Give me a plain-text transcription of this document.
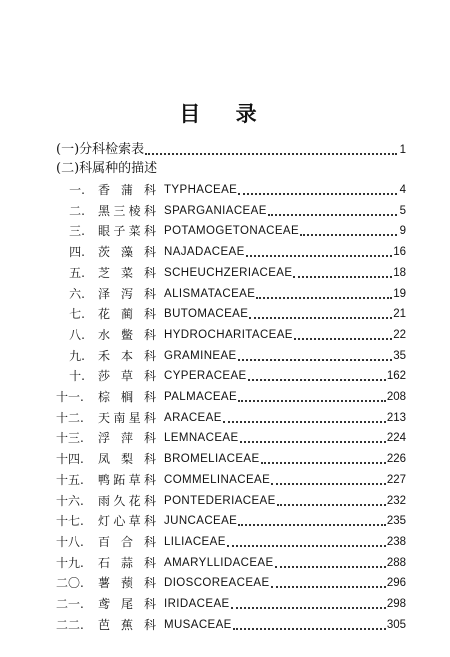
目 录
(一)分科检索表	1
(二)科属种的描述
一.	香蒲科 TYPHACEAE	4
二.	黑三棱科 SPARGANIACEAE	5
三.	眼子菜科 POTAMOGETONACEAE	9
四.	茨藻科 NAJADACEAE	16
五.	芝菜科 SCHEUCHZERIACEAE	18
六.	泽泻科 ALISMATACEAE	19
七.	花蔺科 BUTOMACEAE	21
八.	水鳖科 HYDROCHARITACEAE	22
九.	禾本科 GRAMINEAE	35
十.	莎草科 CYPERACEAE	162
十一.	棕榈科 PALMACEAE	208
十二.	天南星科 ARACEAE	213
十三.	浮萍科 LEMNACEAE	224
十四.	凤梨科 BROMELIACEAE	226
十五.	鸭跖草科 COMMELINACEAE	227
十六.	雨久花科 PONTEDERIACEAE	232
十七.	灯心草科 JUNCACEAE	235
十八.	百合科 LILIACEAE	238
十九.	石蒜科 AMARYLLIDACEAE	288
二〇.	薯蓣科 DIOSCOREACEAE	296
二一.	鸢尾科 IRIDACEAE	298
二二.	芭蕉科 MUSACEAE	305
